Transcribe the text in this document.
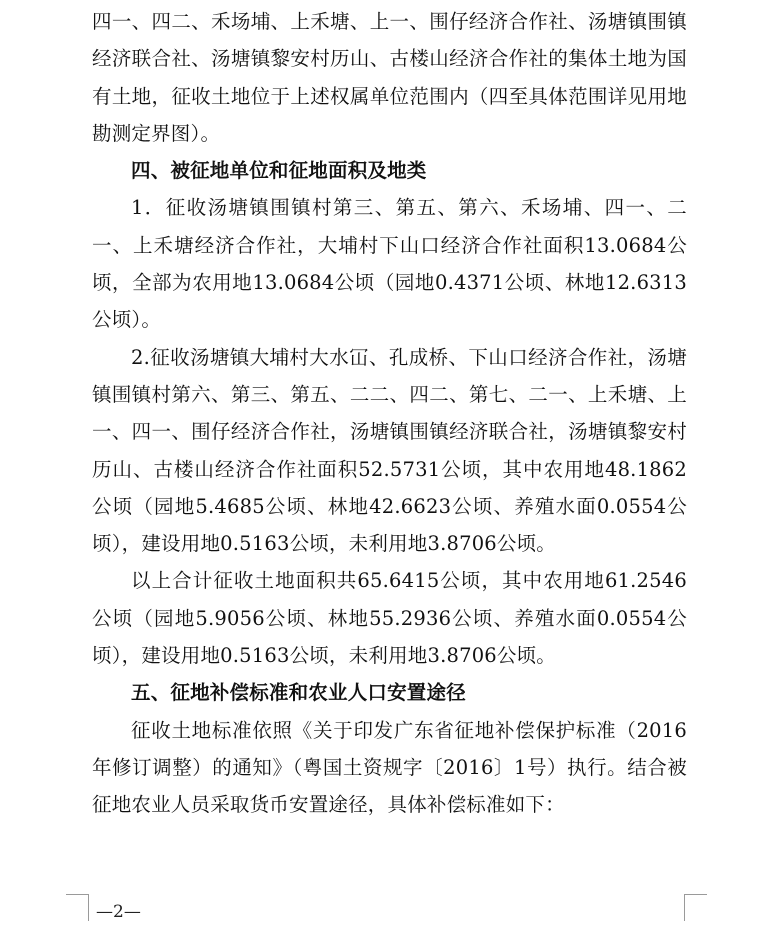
四一、四二、禾场埔、上禾塘、上一、围仔经济合作社、汤塘镇围镇经济联合社、汤塘镇黎安村历山、古楼山经济合作社的集体土地为国有土地，征收土地位于上述权属单位范围内（四至具体范围详见用地勘测定界图）。

四、被征地单位和征地面积及地类

1．征收汤塘镇围镇村第三、第五、第六、禾场埔、四一、二一、上禾塘经济合作社，大埔村下山口经济合作社面积13.0684公顷，全部为农用地13.0684公顷（园地0.4371公顷、林地12.6313公顷）。

2.征收汤塘镇大埔村大水冚、孔成桥、下山口经济合作社，汤塘镇围镇村第六、第三、第五、二二、四二、第七、二一、上禾塘、上一、四一、围仔经济合作社，汤塘镇围镇经济联合社，汤塘镇黎安村历山、古楼山经济合作社面积52.5731公顷，其中农用地48.1862公顷（园地5.4685公顷、林地42.6623公顷、养殖水面0.0554公顷），建设用地0.5163公顷，未利用地3.8706公顷。

以上合计征收土地面积共65.6415公顷，其中农用地61.2546公顷（园地5.9056公顷、林地55.2936公顷、养殖水面0.0554公顷），建设用地0.5163公顷，未利用地3.8706公顷。

五、征地补偿标准和农业人口安置途径

征收土地标准依照《关于印发广东省征地补偿保护标准（2016年修订调整）的通知》（粤国土资规字〔2016〕1号）执行。结合被征地农业人员采取货币安置途径，具体补偿标准如下：

—2—
